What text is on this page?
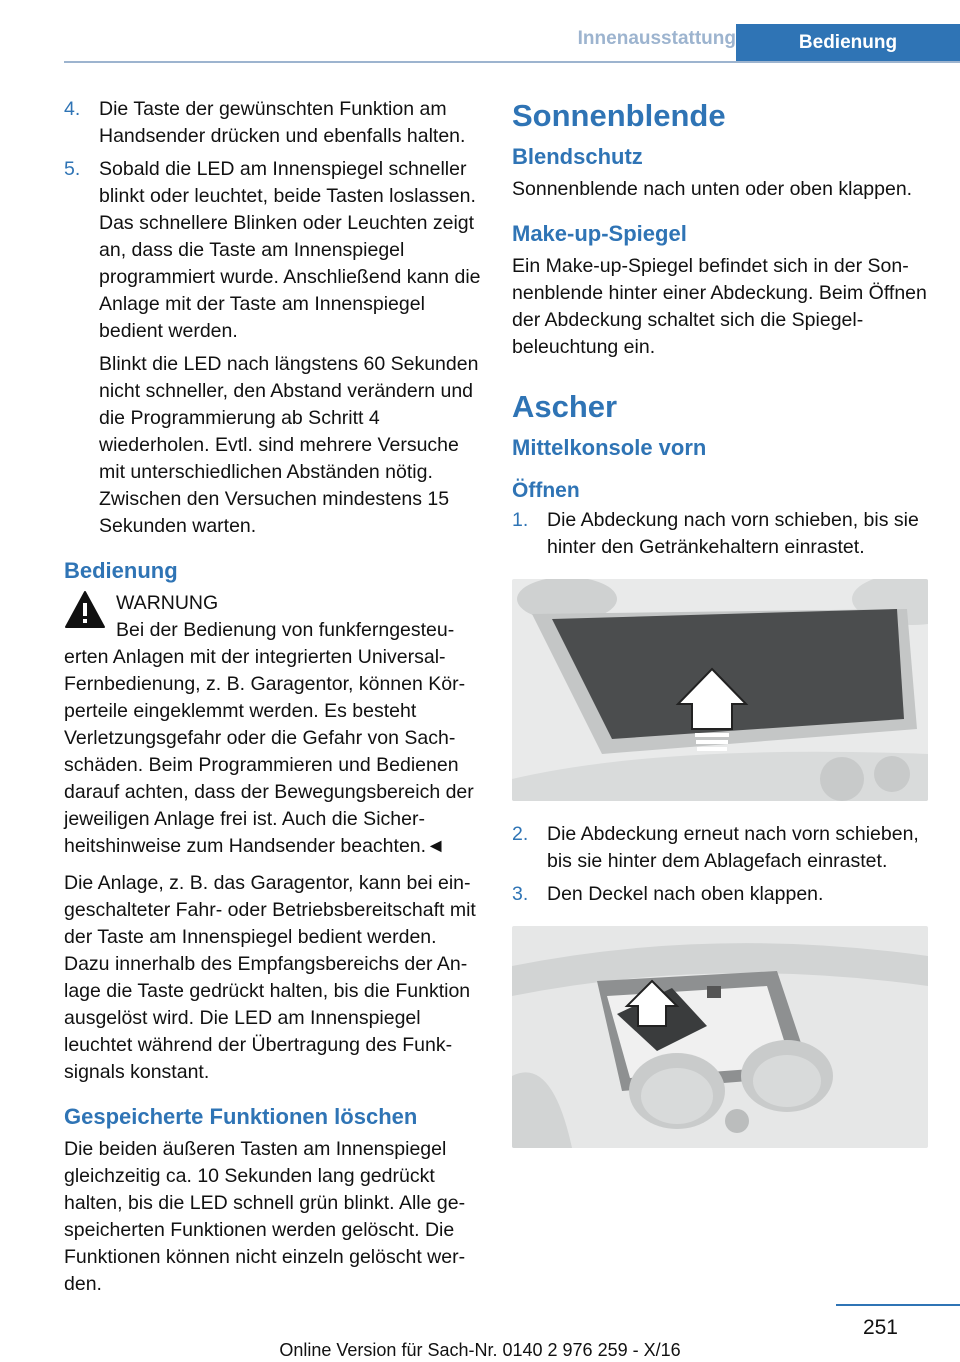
Innenausstattung	Bedienung
4. Die Taste der gewünschten Funktion am Handsender drücken und ebenfalls halten.
5. Sobald die LED am Innenspiegel schneller blinkt oder leuchtet, beide Tasten loslassen. Das schnellere Blinken oder Leuchten zeigt an, dass die Taste am Innenspiegel programmiert wurde. Anschließend kann die Anlage mit der Taste am Innenspiegel bedient werden.
Blinkt die LED nach längstens 60 Sekunden nicht schneller, den Abstand verändern und die Programmierung ab Schritt 4 wiederholen. Evtl. sind mehrere Versuche mit unterschiedlichen Abständen nötig. Zwischen den Versuchen mindestens 15 Sekunden warten.
Bedienung
WARNUNG

Bei der Bedienung von funkferngesteuerten Anlagen mit der integrierten Universal-Fernbedienung, z. B. Garagentor, können Körperteile eingeklemmt werden. Es besteht Verletzungsgefahr oder die Gefahr von Sachschäden. Beim Programmieren und Bedienen darauf achten, dass der Bewegungsbereich der jeweiligen Anlage frei ist. Auch die Sicherheitshinweise zum Handsender beachten.◄

Die Anlage, z. B. das Garagentor, kann bei eingeschalteter Fahr- oder Betriebsbereitschaft mit der Taste am Innenspiegel bedient werden. Dazu innerhalb des Empfangsbereichs der Anlage die Taste gedrückt halten, bis die Funktion ausgelöst wird. Die LED am Innenspiegel leuchtet während der Übertragung des Funksignals konstant.

Gespeicherte Funktionen löschen

Die beiden äußeren Tasten am Innenspiegel gleichzeitig ca. 10 Sekunden lang gedrückt halten, bis die LED schnell grün blinkt. Alle gespeicherten Funktionen werden gelöscht. Die Funktionen können nicht einzeln gelöscht werden.

Sonnenblende
Blendschutz

Sonnenblende nach unten oder oben klappen.

Make-up-Spiegel

Ein Make-up-Spiegel befindet sich in der Sonnenblende hinter einer Abdeckung. Beim Öffnen der Abdeckung schaltet sich die Spiegelbeleuchtung ein.

Ascher
Mittelkonsole vorn
Öffnen
1. Die Abdeckung nach vorn schieben, bis sie hinter den Getränkehaltern einrastet.
2. Die Abdeckung erneut nach vorn schieben, bis sie hinter dem Ablagefach einrastet.
3. Den Deckel nach oben klappen.
251
Online Version für Sach-Nr. 0140 2 976 259 - X/16
